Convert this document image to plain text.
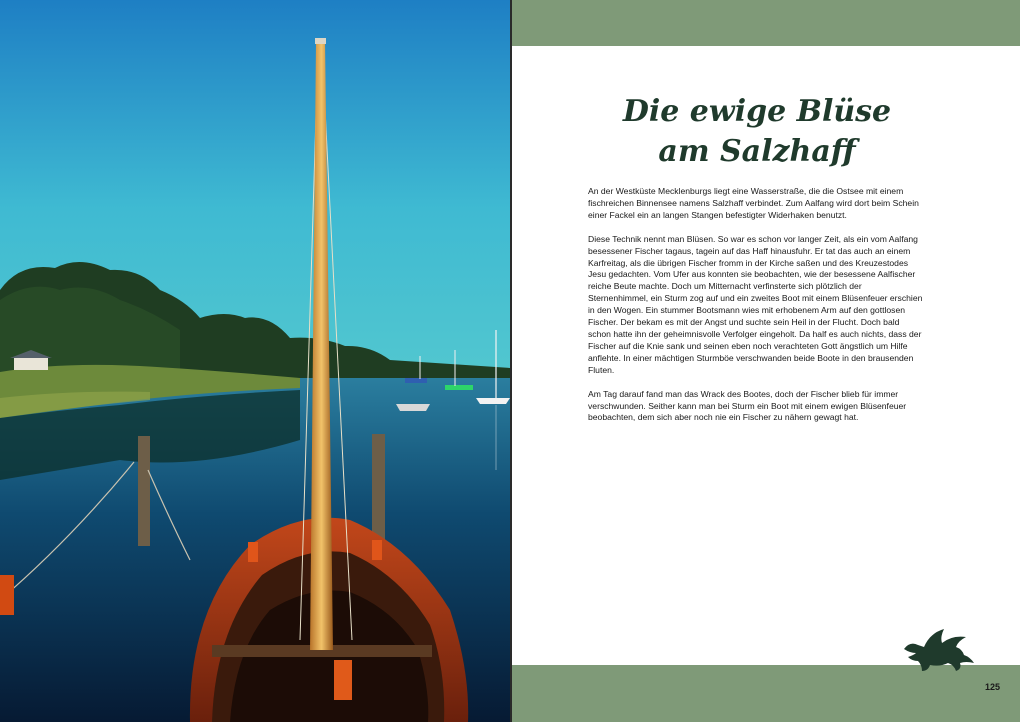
Die ewige Blüse
am Salzhaff

An der Westküste Mecklenburgs liegt eine Wasserstraße, die die Ostsee mit einem fischreichen Binnensee namens Salzhaff verbindet. Zum Aalfang wird dort beim Schein einer Fackel ein an langen Stangen befestigter Widerhaken benutzt.

Diese Technik nennt man Blüsen. So war es schon vor langer Zeit, als ein vom Aalfang besessener Fischer tagaus, tagein auf das Haff hinausfuhr. Er tat das auch an einem Karfreitag, als die übrigen Fischer fromm in der Kirche saßen und des Kreuzestodes Jesu gedachten. Vom Ufer aus konnten sie beobachten, wie der besessene Aalfischer reiche Beute machte. Doch um Mitternacht verfinsterte sich plötzlich der Sternenhimmel, ein Sturm zog auf und ein zweites Boot mit einem Blüsenfeuer erschien in den Wogen. Ein stummer Bootsmann wies mit erhobenem Arm auf den gottlosen Fischer. Der bekam es mit der Angst und suchte sein Heil in der Flucht. Doch bald schon hatte ihn der geheimnisvolle Verfolger eingeholt. Da half es auch nichts, dass der Fischer auf die Knie sank und seinen eben noch verachteten Gott ängstlich um Hilfe anflehte. In einer mächtigen Sturmböe verschwanden beide Boote in den brausenden Fluten.

Am Tag darauf fand man das Wrack des Bootes, doch der Fischer blieb für immer verschwunden. Seither kann man bei Sturm ein Boot mit einem ewigen Blüsenfeuer beobachten, dem sich aber noch nie ein Fischer zu nähern gewagt hat.

125
